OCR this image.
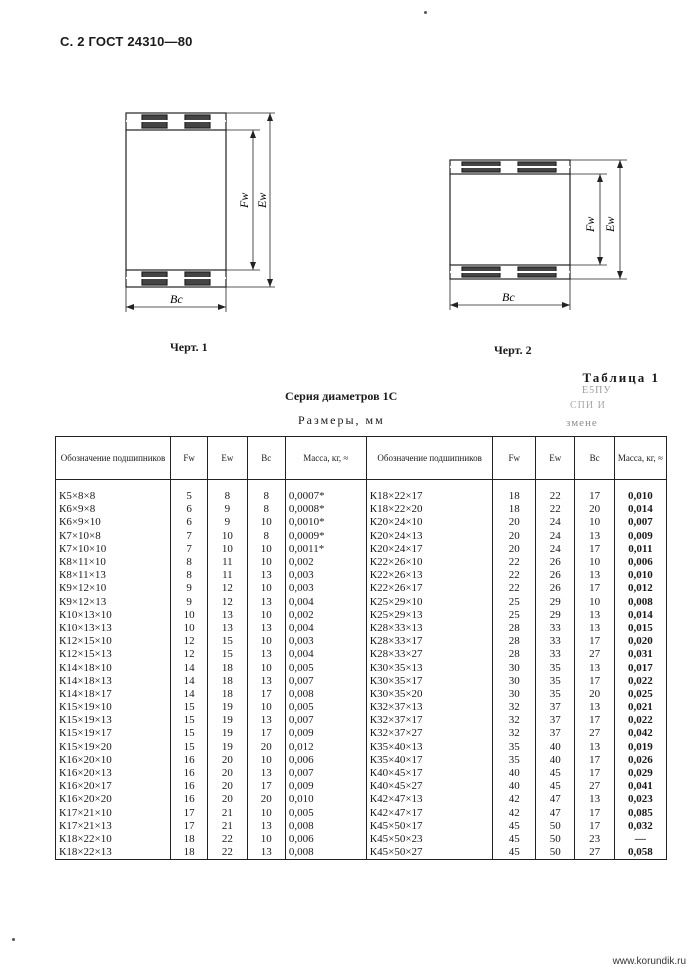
С. 2 ГОСТ 24310—80
Bc
Fw Ew
Черт. 1
Bc
Fw Ew
Черт. 2
Таблица 1
Серия диаметров 1С
Размеры, мм
Е5ПУ
СПИ И
змене
Обозначение подшипников	Fw	Ew	Bc	Масса, кг, ≈	Обозначение подшипников	Fw	Ew	Bc	Масса, кг, ≈

К5×8×8	5	8	8	0,0007*	К18×22×17	18	22	17	0,010
К6×9×8	6	9	8	0,0008*	К18×22×20	18	22	20	0,014
К6×9×10	6	9	10	0,0010*	К20×24×10	20	24	10	0,007
К7×10×8	7	10	8	0,0009*	К20×24×13	20	24	13	0,009
К7×10×10	7	10	10	0,0011*	К20×24×17	20	24	17	0,011
К8×11×10	8	11	10	0,002	К22×26×10	22	26	10	0,006
К8×11×13	8	11	13	0,003	К22×26×13	22	26	13	0,010
К9×12×10	9	12	10	0,003	К22×26×17	22	26	17	0,012
К9×12×13	9	12	13	0,004	К25×29×10	25	29	10	0,008
К10×13×10	10	13	10	0,002	К25×29×13	25	29	13	0,014
К10×13×13	10	13	13	0,004	К28×33×13	28	33	13	0,015
К12×15×10	12	15	10	0,003	К28×33×17	28	33	17	0,020
К12×15×13	12	15	13	0,004	К28×33×27	28	33	27	0,031
К14×18×10	14	18	10	0,005	К30×35×13	30	35	13	0,017
К14×18×13	14	18	13	0,007	К30×35×17	30	35	17	0,022
К14×18×17	14	18	17	0,008	К30×35×20	30	35	20	0,025
К15×19×10	15	19	10	0,005	К32×37×13	32	37	13	0,021
К15×19×13	15	19	13	0,007	К32×37×17	32	37	17	0,022
К15×19×17	15	19	17	0,009	К32×37×27	32	37	27	0,042
К15×19×20	15	19	20	0,012	К35×40×13	35	40	13	0,019
К16×20×10	16	20	10	0,006	К35×40×17	35	40	17	0,026
К16×20×13	16	20	13	0,007	К40×45×17	40	45	17	0,029
К16×20×17	16	20	17	0,009	К40×45×27	40	45	27	0,041
К16×20×20	16	20	20	0,010	К42×47×13	42	47	13	0,023
К17×21×10	17	21	10	0,005	К42×47×17	42	47	17	0,085
К17×21×13	17	21	13	0,008	К45×50×17	45	50	17	0,032
К18×22×10	18	22	10	0,006	К45×50×23	45	50	23	—
К18×22×13	18	22	13	0,008	К45×50×27	45	50	27	0,058
www.korundik.ru
